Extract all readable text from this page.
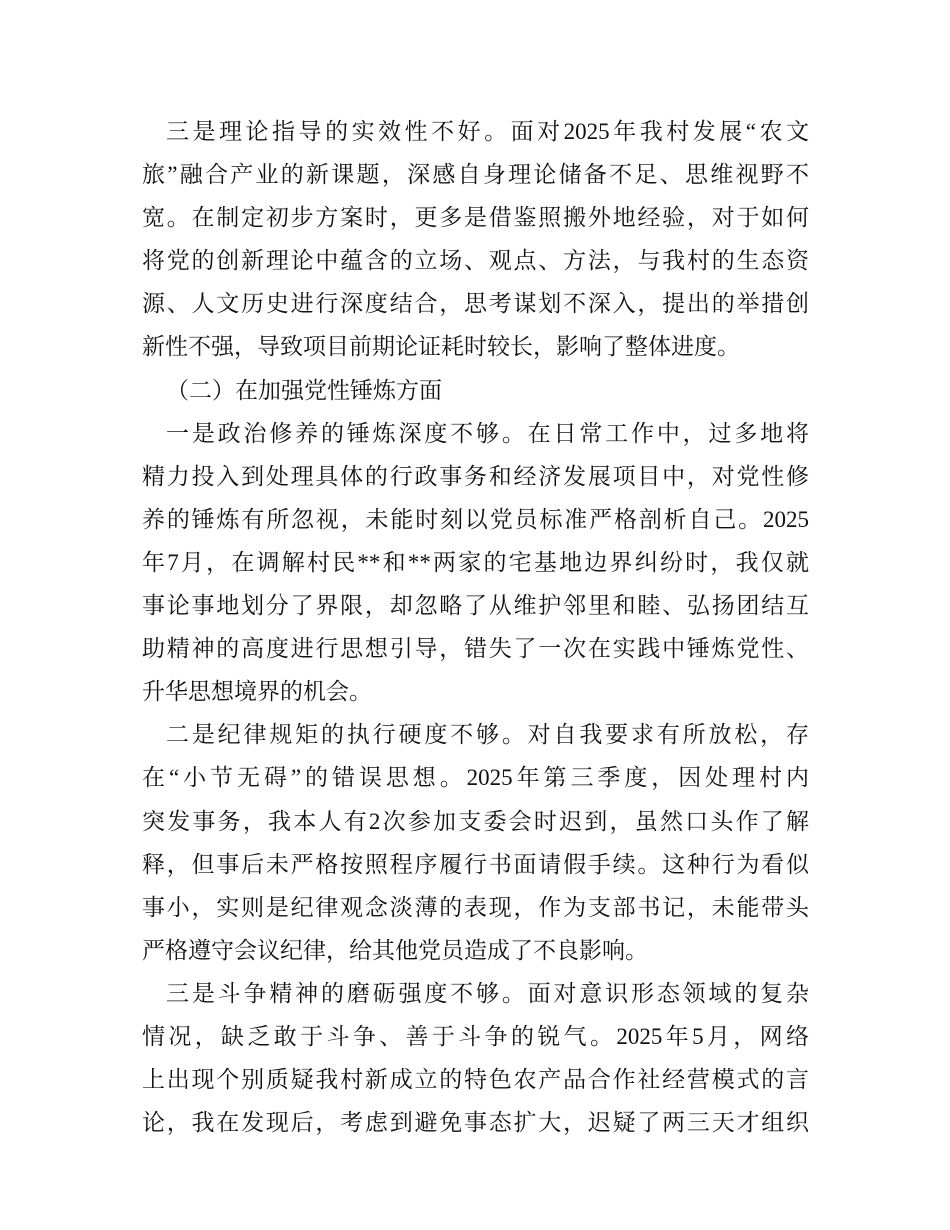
三是理论指导的实效性不好。面对2025年我村发展“农文
旅”融合产业的新课题，深感自身理论储备不足、思维视野不
宽。在制定初步方案时，更多是借鉴照搬外地经验，对于如何
将党的创新理论中蕴含的立场、观点、方法，与我村的生态资
源、人文历史进行深度结合，思考谋划不深入，提出的举措创
新性不强，导致项目前期论证耗时较长，影响了整体进度。
（二）在加强党性锤炼方面
一是政治修养的锤炼深度不够。在日常工作中，过多地将
精力投入到处理具体的行政事务和经济发展项目中，对党性修
养的锤炼有所忽视，未能时刻以党员标准严格剖析自己。2025
年7月，在调解村民**和**两家的宅基地边界纠纷时，我仅就
事论事地划分了界限，却忽略了从维护邻里和睦、弘扬团结互
助精神的高度进行思想引导，错失了一次在实践中锤炼党性、
升华思想境界的机会。
二是纪律规矩的执行硬度不够。对自我要求有所放松，存
在“小节无碍”的错误思想。2025年第三季度，因处理村内
突发事务，我本人有2次参加支委会时迟到，虽然口头作了解
释，但事后未严格按照程序履行书面请假手续。这种行为看似
事小，实则是纪律观念淡薄的表现，作为支部书记，未能带头
严格遵守会议纪律，给其他党员造成了不良影响。
三是斗争精神的磨砺强度不够。面对意识形态领域的复杂
情况，缺乏敢于斗争、善于斗争的锐气。2025年5月，网络
上出现个别质疑我村新成立的特色农产品合作社经营模式的言
论，我在发现后，考虑到避免事态扩大，迟疑了两三天才组织
